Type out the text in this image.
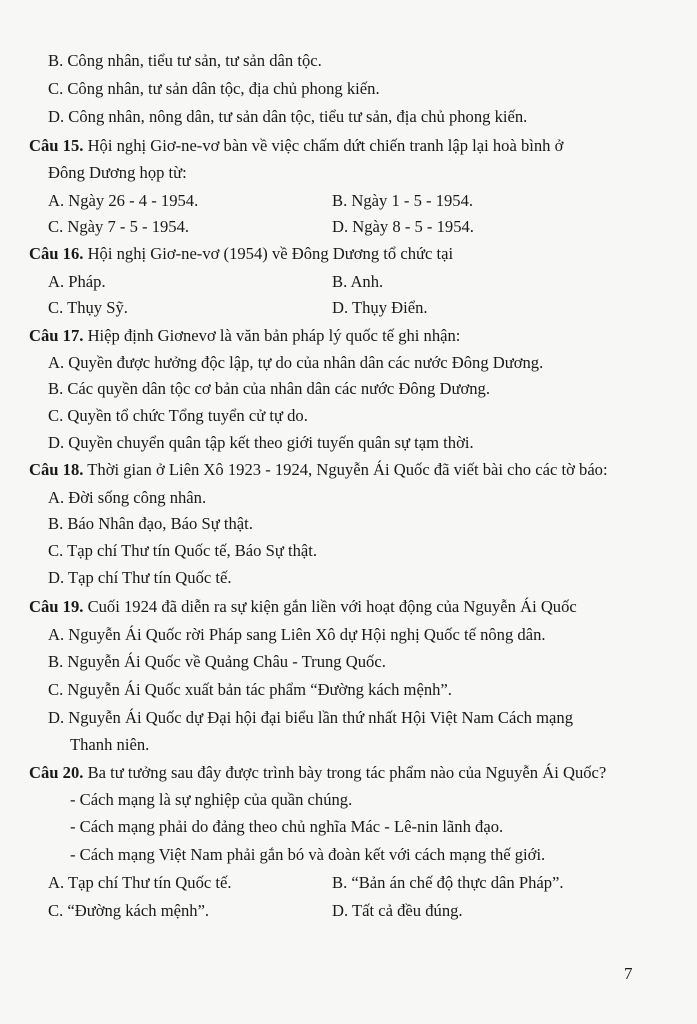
B. Công nhân, tiểu tư sản, tư sản dân tộc.
C. Công nhân, tư sản dân tộc, địa chủ phong kiến.
D. Công nhân, nông dân, tư sản dân tộc, tiểu tư sản, địa chủ phong kiến.
Câu 15. Hội nghị Giơ-ne-vơ bàn về việc chấm dứt chiến tranh lập lại hoà bình ở
Đông Dương họp từ:
A. Ngày 26 - 4 - 1954.	B. Ngày 1 - 5 - 1954.
C. Ngày 7 - 5 - 1954.	D. Ngày 8 - 5 - 1954.
Câu 16. Hội nghị Giơ-ne-vơ (1954) về Đông Dương tổ chức tại
A. Pháp.	B. Anh.
C. Thụy Sỹ.	D. Thụy Điển.
Câu 17. Hiệp định Giơnevơ là văn bản pháp lý quốc tế ghi nhận:
A. Quyền được hưởng độc lập, tự do của nhân dân các nước Đông Dương.
B. Các quyền dân tộc cơ bản của nhân dân các nước Đông Dương.
C. Quyền tổ chức Tổng tuyển cử tự do.
D. Quyền chuyển quân tập kết theo giới tuyến quân sự tạm thời.
Câu 18. Thời gian ở Liên Xô 1923 - 1924, Nguyễn Ái Quốc đã viết bài cho các tờ báo:
A. Đời sống công nhân.
B. Báo Nhân đạo, Báo Sự thật.
C. Tạp chí Thư tín Quốc tế, Báo Sự thật.
D. Tạp chí Thư tín Quốc tế.
Câu 19. Cuối 1924 đã diễn ra sự kiện gắn liền với hoạt động của Nguyễn Ái Quốc
A. Nguyễn Ái Quốc rời Pháp sang Liên Xô dự Hội nghị Quốc tế nông dân.
B. Nguyễn Ái Quốc về Quảng Châu - Trung Quốc.
C. Nguyễn Ái Quốc xuất bản tác phẩm “Đường kách mệnh”.
D. Nguyễn Ái Quốc dự Đại hội đại biểu lần thứ nhất Hội Việt Nam Cách mạng
Thanh niên.
Câu 20. Ba tư tưởng sau đây được trình bày trong tác phẩm nào của Nguyễn Ái Quốc?
- Cách mạng là sự nghiệp của quần chúng.
- Cách mạng phải do đảng theo chủ nghĩa Mác - Lê-nin lãnh đạo.
- Cách mạng Việt Nam phải gắn bó và đoàn kết với cách mạng thế giới.
A. Tạp chí Thư tín Quốc tế.	B. “Bản án chế độ thực dân Pháp”.
C. “Đường kách mệnh”.	D. Tất cả đều đúng.
7
